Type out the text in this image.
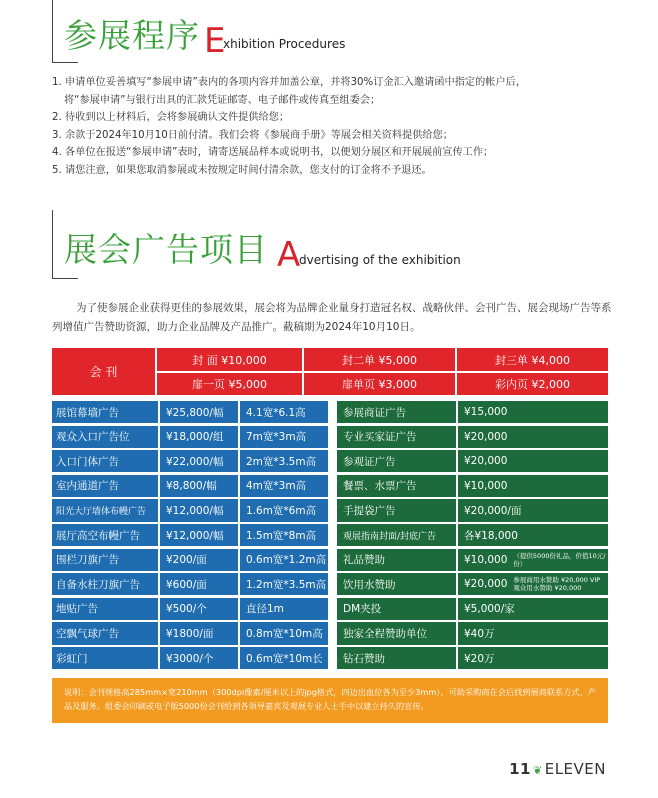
参展程序 E
xhibition Procedures
1. 申请单位妥善填写“参展申请”表内的各项内容并加盖公章，并将30%订金汇入邀请函中指定的帐户后，
将“参展申请”与银行出具的汇款凭证邮寄、电子邮件或传真至组委会；
2. 待收到以上材料后，会将参展确认文件提供给您；
3. 余款于2024年10月10日前付清。我们会将《参展商手册》等展会相关资料提供给您；
4. 各单位在报送“参展申请”表时，请寄送展品样本或说明书，以便划分展区和开展展前宣传工作；
5. 请您注意，如果您取消参展或未按规定时间付清余款，您支付的订金将不予退还。
展会广告项目 A
dvertising of the exhibition
为了使参展企业获得更佳的参展效果，展会将为品牌企业量身打造冠名权、战略伙伴、会刊广告、展会现场广告等系列增值广告赞助资源，助力企业品牌及产品推广。截稿期为2024年10月10日。
会 刊
封 面 ¥10,000	封二单 ¥5,000	封三单 ¥4,000
扉一页 ¥5,000	扉单页 ¥3,000	彩内页 ¥2,000
展馆幕墙广告	¥25,800/幅	4.1宽*6.1高	参展商证广告	¥15,000
观众入口广告位	¥18,000/组	7m宽*3m高	专业买家证广告	¥20,000
入口门体广告	¥22,000/幅	2m宽*3.5m高	参观证广告	¥20,000
室内通道广告	¥8,800/幅	4m宽*3m高	餐票、水票广告	¥10,000
阳光大厅墙体布幔广告	¥12,000/幅	1.6m宽*6m高	手提袋广告	¥20,000/面
展厅高空布幔广告	¥12,000/幅	1.5m宽*8m高	观展指南封面/封底广告	各¥18,000
围栏刀旗广告	¥200/面	0.6m宽*1.2m高	礼品赞助	¥10,000 （提供5000份礼品，价值10元/份）
自备水柱刀旗广告	¥600/面	1.2m宽*3.5m高	饮用水赞助	¥20,000 参展商用水赞助 ¥20,000 VIP观众用水赞助 ¥20,000
地贴广告	¥500/个	直径1m	DM夹投	¥5,000/家
空飘气球广告	¥1800/面	0.8m宽*10m高	独家全程赞助单位	¥40万
彩虹门	¥3000/个	0.6m宽*10m长	钻石赞助	¥20万
说明：会刊规格高285mm×宽210mm（300dpi像素/厘米以上的jpg格式，四边出血位各为至少3mm），可助采购商在会后找到展商联系方式、产品及服务。组委会印刷或电子版5000份会刊给到各领导嘉宾及观展专业人士手中以建立持久的宣传。
11 ❦ ELEVEN
